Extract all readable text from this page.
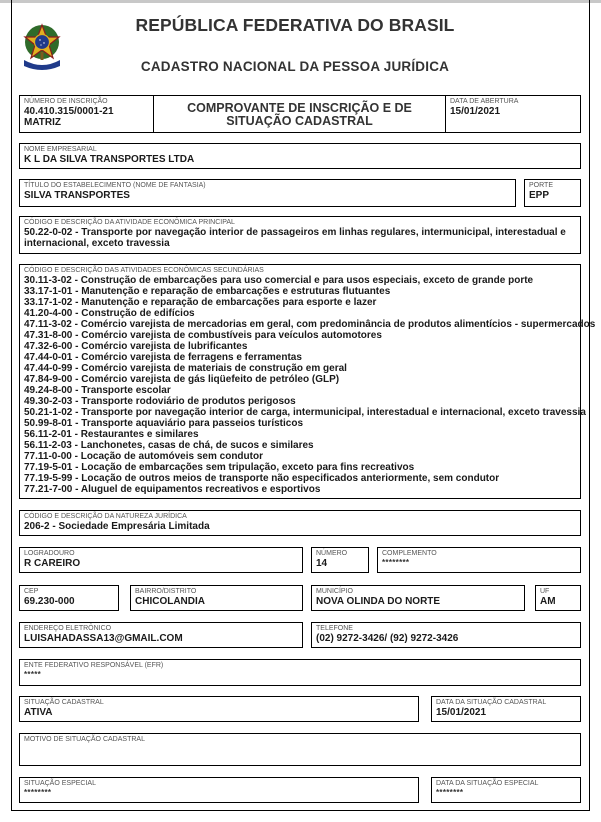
REPÚBLICA FEDERATIVA DO BRASIL
CADASTRO NACIONAL DA PESSOA JURÍDICA
NÚMERO DE INSCRIÇÃO
40.410.315/0001-21
MATRIZ
COMPROVANTE DE INSCRIÇÃO E DE SITUAÇÃO CADASTRAL
DATA DE ABERTURA
15/01/2021
NOME EMPRESARIAL
K L DA SILVA TRANSPORTES LTDA
TÍTULO DO ESTABELECIMENTO (NOME DE FANTASIA)
SILVA TRANSPORTES
PORTE
EPP
CÓDIGO E DESCRIÇÃO DA ATIVIDADE ECONÔMICA PRINCIPAL
50.22-0-02 - Transporte por navegação interior de passageiros em linhas regulares, intermunicipal, interestadual e internacional, exceto travessia
CÓDIGO E DESCRIÇÃO DAS ATIVIDADES ECONÔMICAS SECUNDÁRIAS
30.11-3-02 - Construção de embarcações para uso comercial e para usos especiais, exceto de grande porte
33.17-1-01 - Manutenção e reparação de embarcações e estruturas flutuantes
33.17-1-02 - Manutenção e reparação de embarcações para esporte e lazer
41.20-4-00 - Construção de edifícios
47.11-3-02 - Comércio varejista de mercadorias em geral, com predominância de produtos alimentícios - supermercados
47.31-8-00 - Comércio varejista de combustíveis para veículos automotores
47.32-6-00 - Comércio varejista de lubrificantes
47.44-0-01 - Comércio varejista de ferragens e ferramentas
47.44-0-99 - Comércio varejista de materiais de construção em geral
47.84-9-00 - Comércio varejista de gás liqüefeito de petróleo (GLP)
49.24-8-00 - Transporte escolar
49.30-2-03 - Transporte rodoviário de produtos perigosos
50.21-1-02 - Transporte por navegação interior de carga, intermunicipal, interestadual e internacional, exceto travessia
50.99-8-01 - Transporte aquaviário para passeios turísticos
56.11-2-01 - Restaurantes e similares
56.11-2-03 - Lanchonetes, casas de chá, de sucos e similares
77.11-0-00 - Locação de automóveis sem condutor
77.19-5-01 - Locação de embarcações sem tripulação, exceto para fins recreativos
77.19-5-99 - Locação de outros meios de transporte não especificados anteriormente, sem condutor
77.21-7-00 - Aluguel de equipamentos recreativos e esportivos
CÓDIGO E DESCRIÇÃO DA NATUREZA JURÍDICA
206-2 - Sociedade Empresária Limitada
LOGRADOURO
R CAREIRO
NÚMERO
14
COMPLEMENTO
********
CEP
69.230-000
BAIRRO/DISTRITO
CHICOLANDIA
MUNICÍPIO
NOVA OLINDA DO NORTE
UF
AM
ENDEREÇO ELETRÔNICO
LUISAHADASSA13@GMAIL.COM
TELEFONE
(02) 9272-3426/ (92) 9272-3426
ENTE FEDERATIVO RESPONSÁVEL (EFR)
*****
SITUAÇÃO CADASTRAL
ATIVA
DATA DA SITUAÇÃO CADASTRAL
15/01/2021
MOTIVO DE SITUAÇÃO CADASTRAL
SITUAÇÃO ESPECIAL
********
DATA DA SITUAÇÃO ESPECIAL
********
